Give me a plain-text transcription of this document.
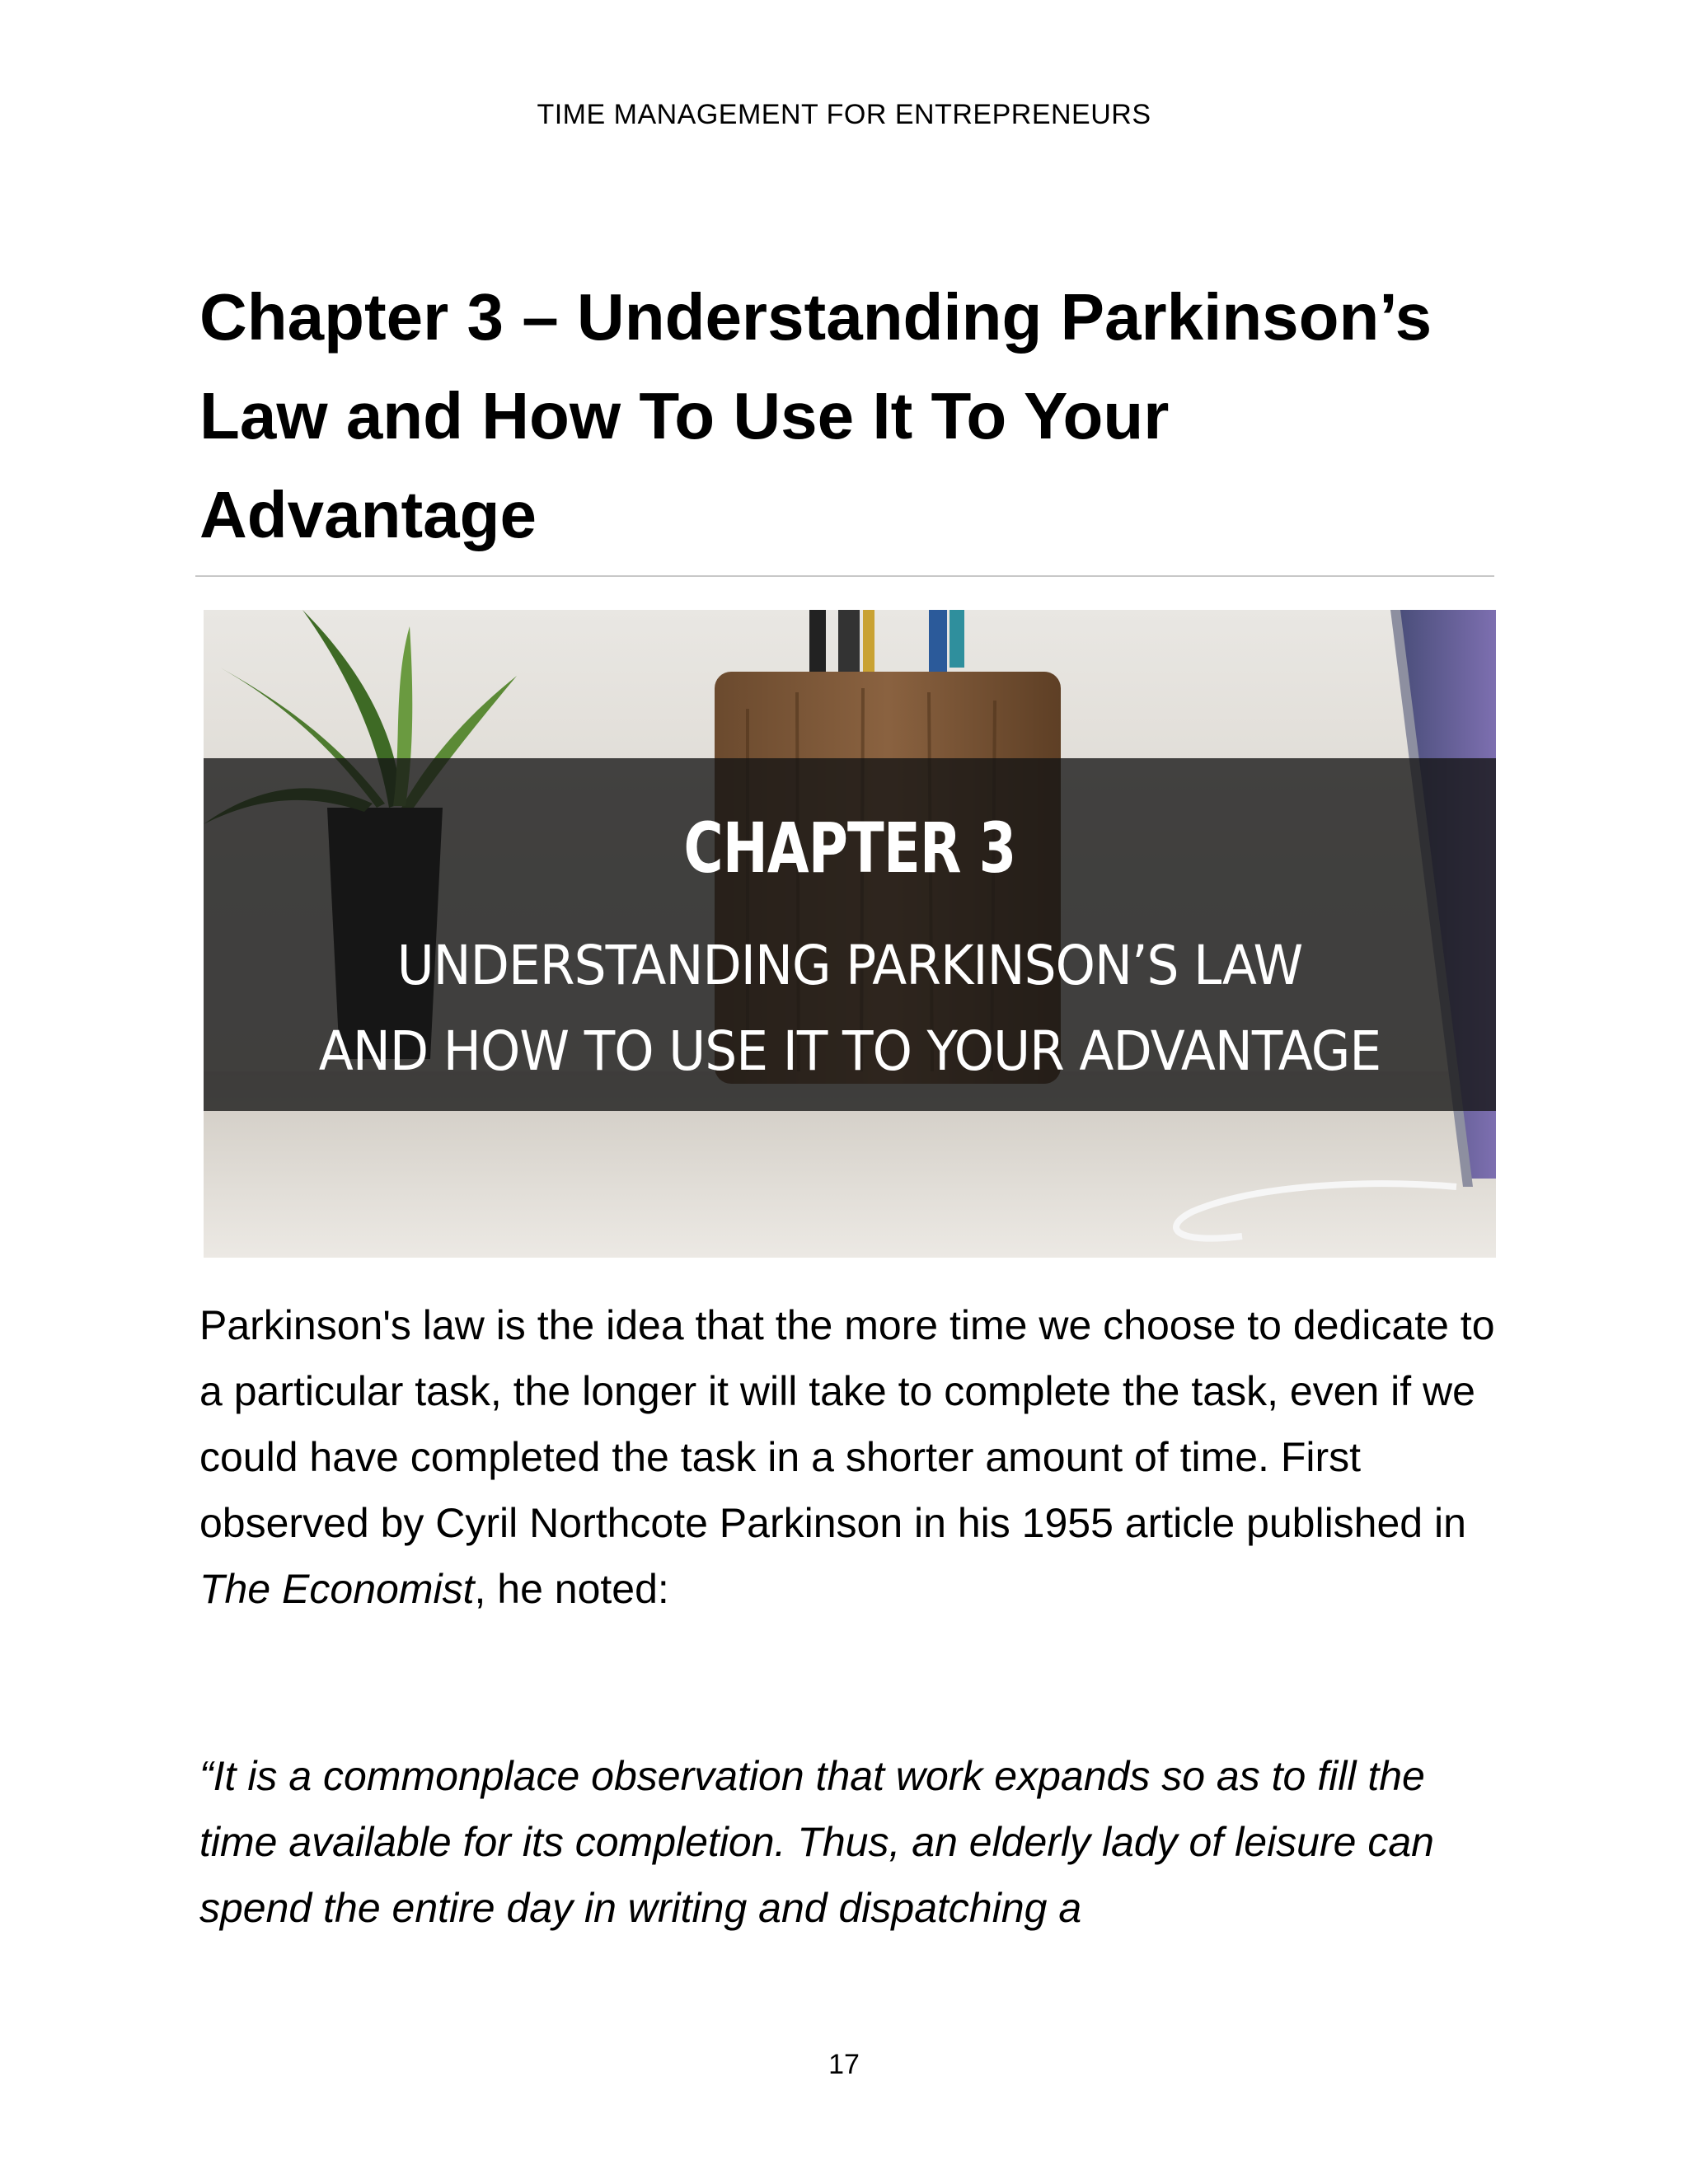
TIME MANAGEMENT FOR ENTREPRENEURS
Chapter 3 – Understanding Parkinson’s Law and How To Use It To Your Advantage
CHAPTER 3
UNDERSTANDING PARKINSON’S LAW
AND HOW TO USE IT TO YOUR ADVANTAGE

Parkinson's law is the idea that the more time we choose to dedicate to a particular task, the longer it will take to complete the task, even if we could have completed the task in a shorter amount of time. First observed by Cyril Northcote Parkinson in his 1955 article published in The Economist, he noted:

“It is a commonplace observation that work expands so as to fill the time available for its completion. Thus, an elderly lady of leisure can spend the entire day in writing and dispatching a

17
